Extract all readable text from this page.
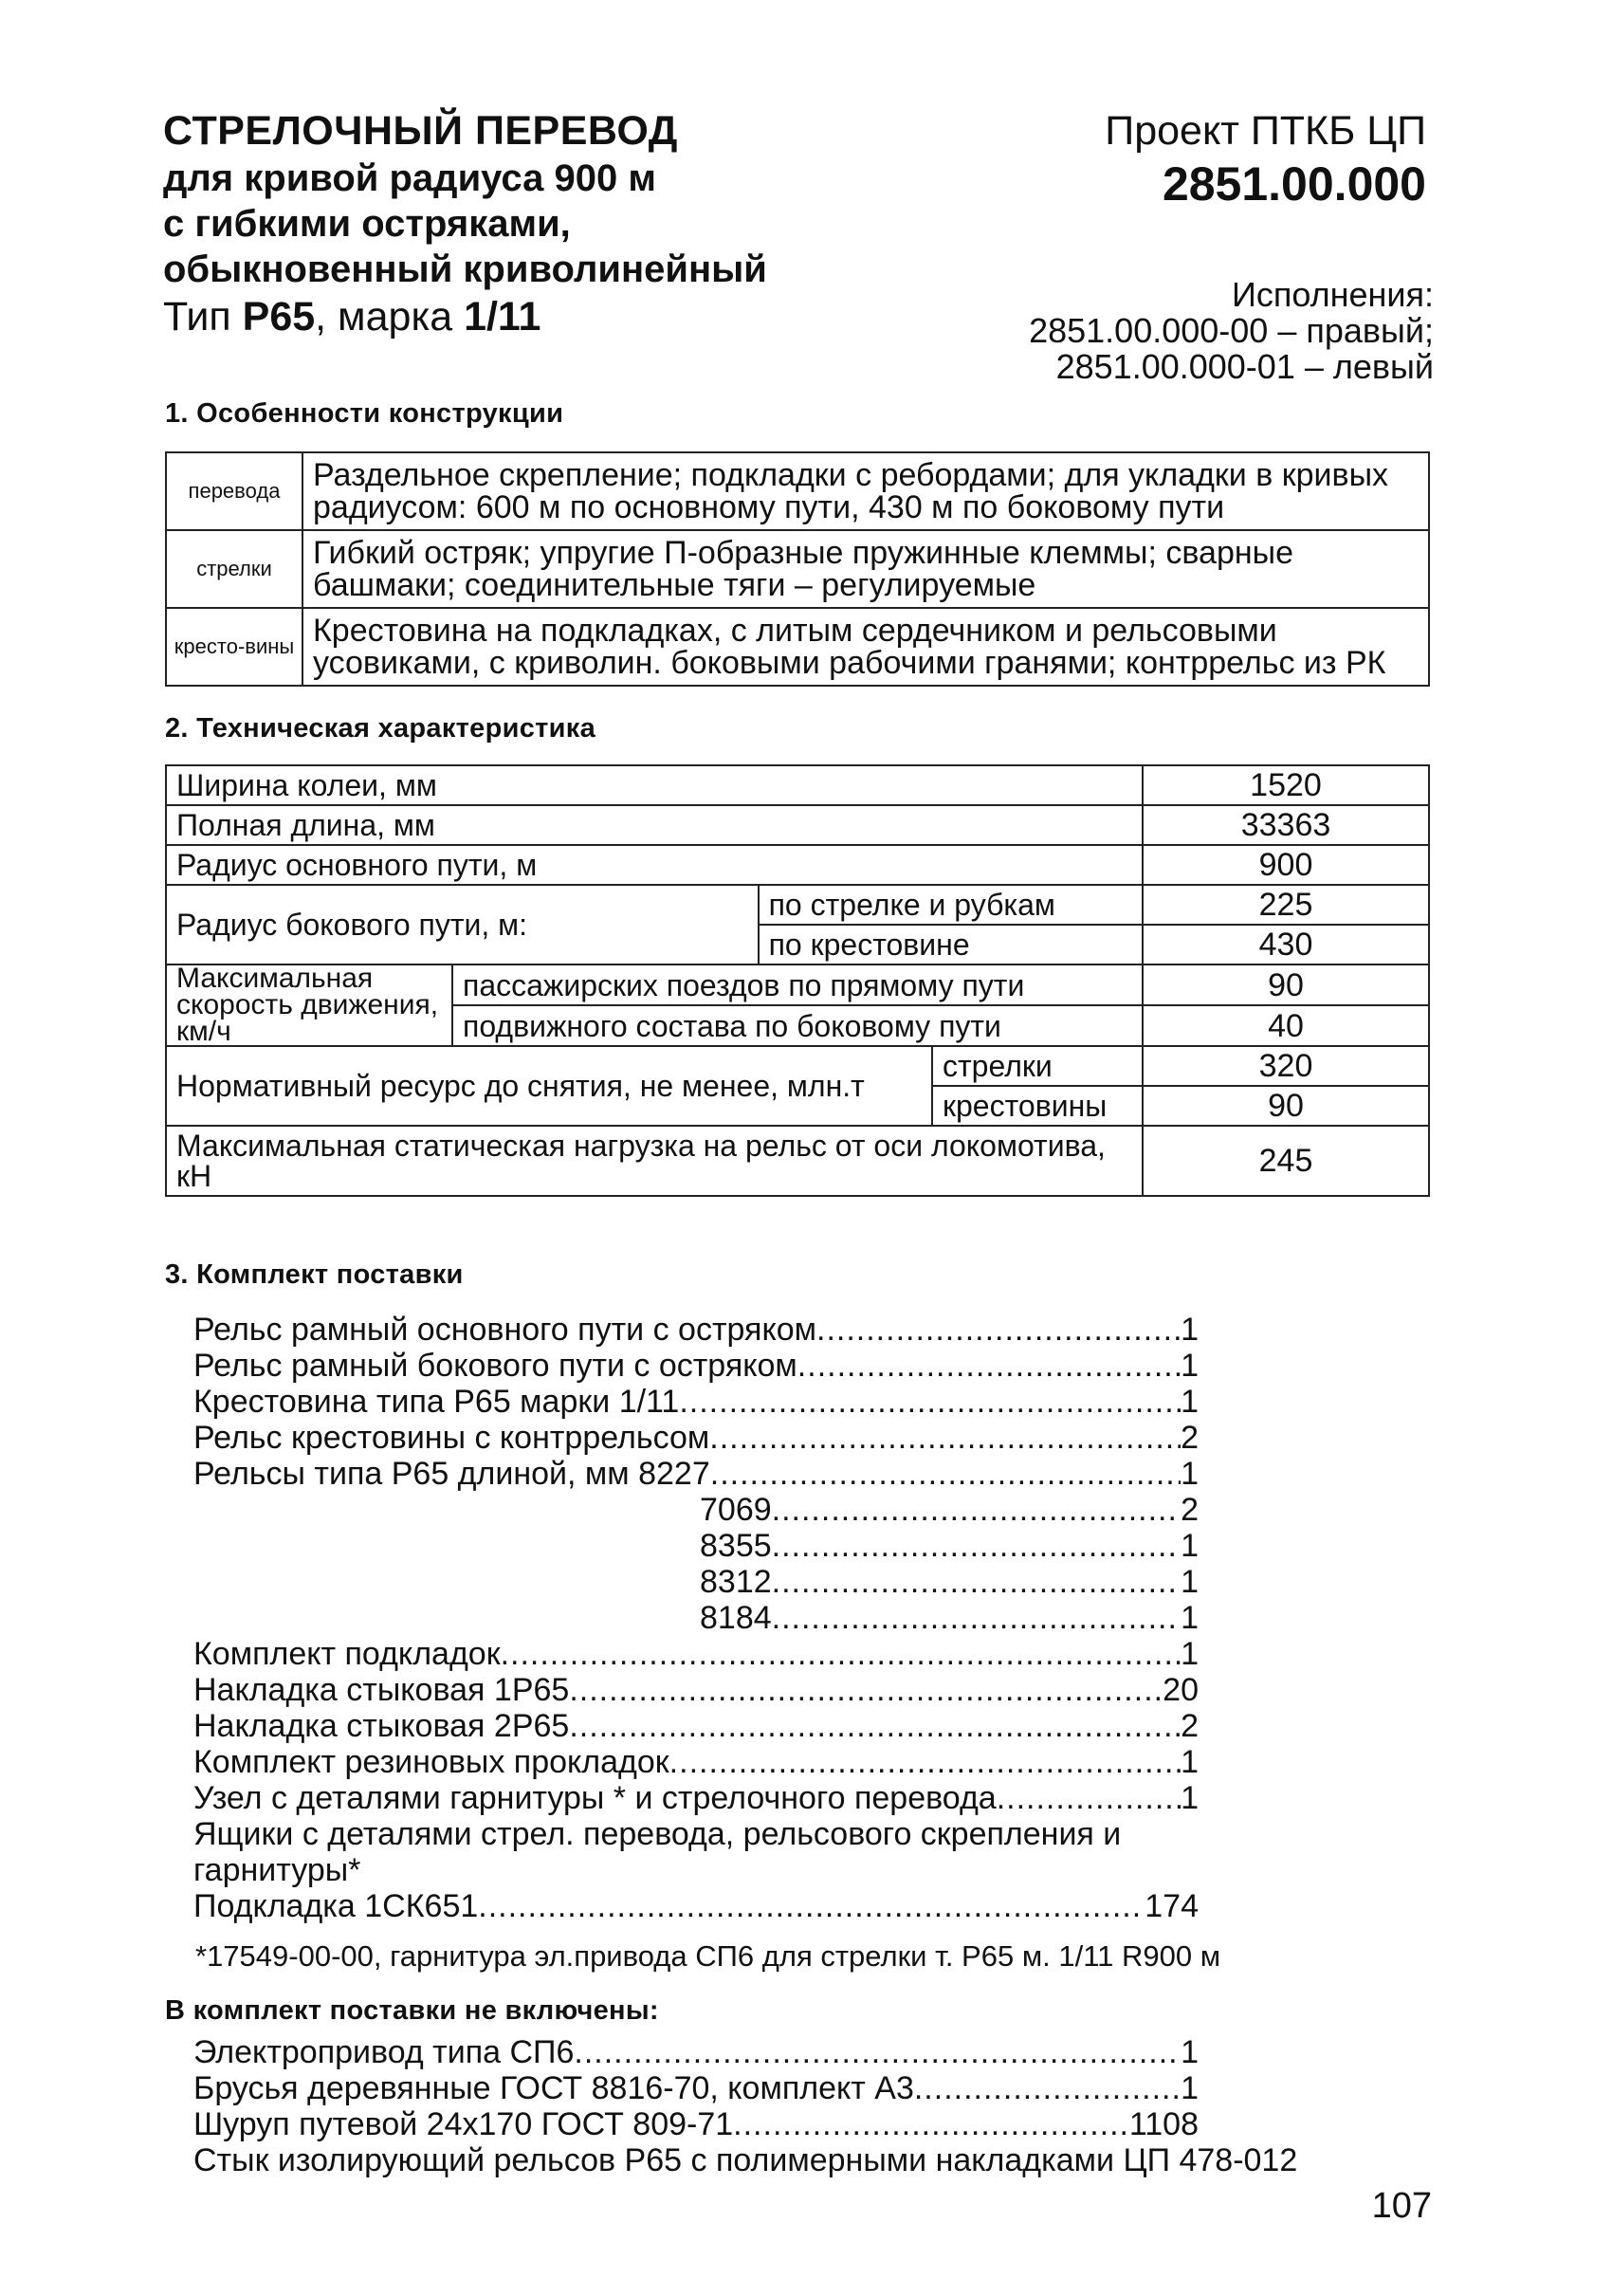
СТРЕЛОЧНЫЙ ПЕРЕВОД
для кривой радиуса 900 м
с гибкими остряками,
обыкновенный криволинейный
Тип Р65, марка 1/11
Проект ПТКБ ЦП
2851.00.000
Исполнения:
2851.00.000-00 – правый;
2851.00.000-01 – левый
1. Особенности конструкции
перевода	Раздельное скрепление; подкладки с ребордами; для укладки в кривых радиусом: 600 м по основному пути, 430 м по боковому пути
стрелки	Гибкий остряк; упругие П-образные пружинные клеммы; сварные башмаки; соединительные тяги – регулируемые
кресто-вины	Крестовина на подкладках, с литым сердечником и рельсовыми усовиками, с криволин. боковыми рабочими гранями; контррельс из РК
2. Техническая характеристика
Ширина колеи, мм				1520
Полная длина, мм				33363
Радиус основного пути, м				900
Радиус бокового пути, м:		по стрелке и рубкам		225
		по крестовине		430
Максимальная скорость движения, км/ч	пассажирских поездов по прямому пути			90
	подвижного состава по боковому пути			40
Нормативный ресурс до снятия, не менее, млн.т			стрелки	320
			крестовины	90
Максимальная статическая нагрузка на рельс от оси локомотива, кН				245
3. Комплект поставки
Рельс рамный основного пути с остряком .....	1
Рельс рамный бокового пути с остряком .....	1
Крестовина типа Р65 марки 1/11 .....	1
Рельс крестовины с контррельсом .....	2
Рельсы типа Р65 длиной, мм 8227 .....	1
7069 .....	2
8355 .....	1
8312 .....	1
8184 .....	1
Комплект подкладок .....	1
Накладка стыковая 1Р65 .....	20
Накладка стыковая 2Р65 .....	2
Комплект резиновых прокладок .....	1
Узел с деталями гарнитуры * и стрелочного перевода .....	1
Ящики с деталями стрел. перевода, рельсового скрепления и гарнитуры*
Подкладка 1СК651 .....	174
*17549-00-00, гарнитура эл.привода СП6 для стрелки т. Р65 м. 1/11 R900 м
В комплект поставки не включены:
Электропривод типа СП6 .....	1
Брусья деревянные ГОСТ 8816-70, комплект А3 .....	1
Шуруп путевой 24х170 ГОСТ 809-71 .....	1108
Стык изолирующий рельсов Р65 с полимерными накладками ЦП 478-012
107
